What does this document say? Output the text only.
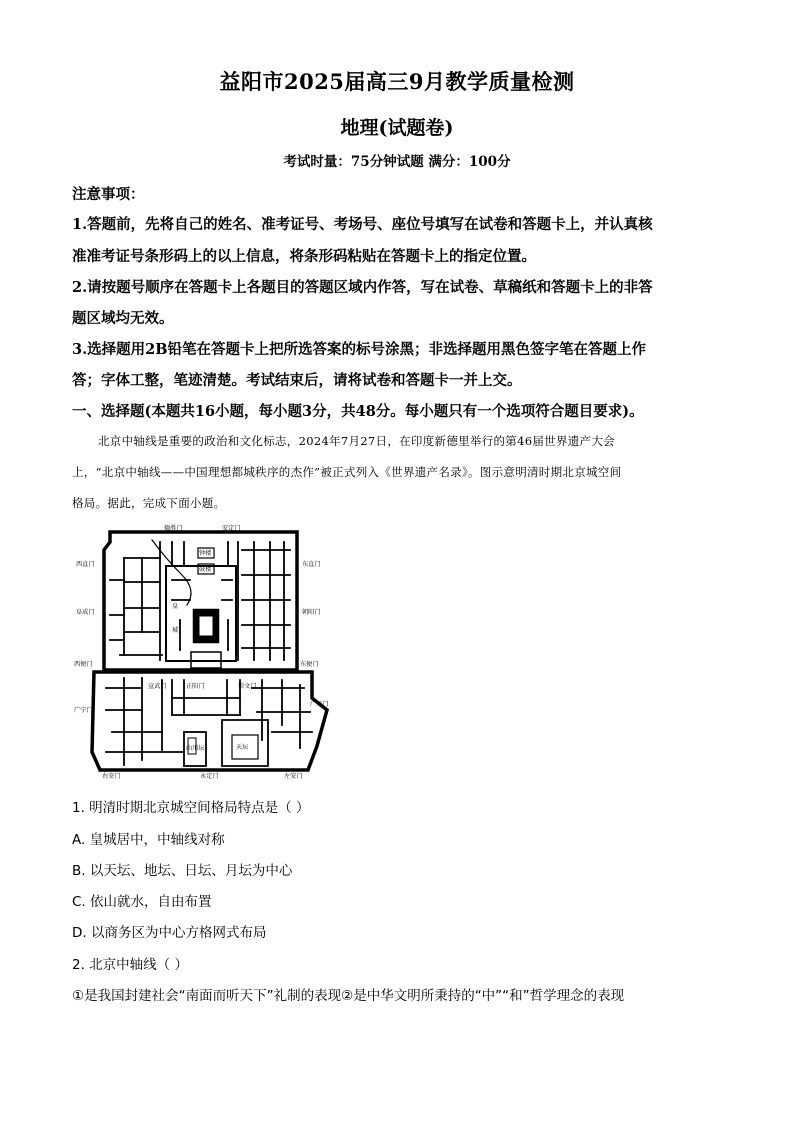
益阳市2025届高三9月教学质量检测
地理(试题卷)
考试时量：75分钟试题 满分：100分
注意事项：
1.答题前，先将自己的姓名、准考证号、考场号、座位号填写在试卷和答题卡上，并认真核
准准考证号条形码上的以上信息，将条形码粘贴在答题卡上的指定位置。
2.请按题号顺序在答题卡上各题目的答题区域内作答，写在试卷、草稿纸和答题卡上的非答
题区域均无效。
3.选择题用2B铅笔在答题卡上把所选答案的标号涂黑；非选择题用黑色签字笔在答题上作
答；字体工整，笔迹清楚。考试结束后，请将试卷和答题卡一并上交。
一、选择题(本题共16小题，每小题3分，共48分。每小题只有一个选项符合题目要求)。
北京中轴线是重要的政治和文化标志，2024年7月27日，在印度新德里举行的第46届世界遗产大会
上，“北京中轴线——中国理想都城秩序的杰作”被正式列入《世界遗产名录》。图示意明清时期北京城空间
格局。据此，完成下面小题。
德胜门	安定门
西直门	东直门
钟楼
鼓楼
阜成门	朝阳门
皇
城
西便门	东便门
宣武门	正阳门	崇文门
广宁门
广渠门
山川坛	天坛
右安门	永定门	左安门
1. 明清时期北京城空间格局特点是（ ）
A. 皇城居中，中轴线对称
B. 以天坛、地坛、日坛、月坛为中心
C. 依山就水，自由布置
D. 以商务区为中心方格网式布局
2. 北京中轴线（ ）
①是我国封建社会“南面而听天下”礼制的表现②是中华文明所秉持的“中”“和”哲学理念的表现
